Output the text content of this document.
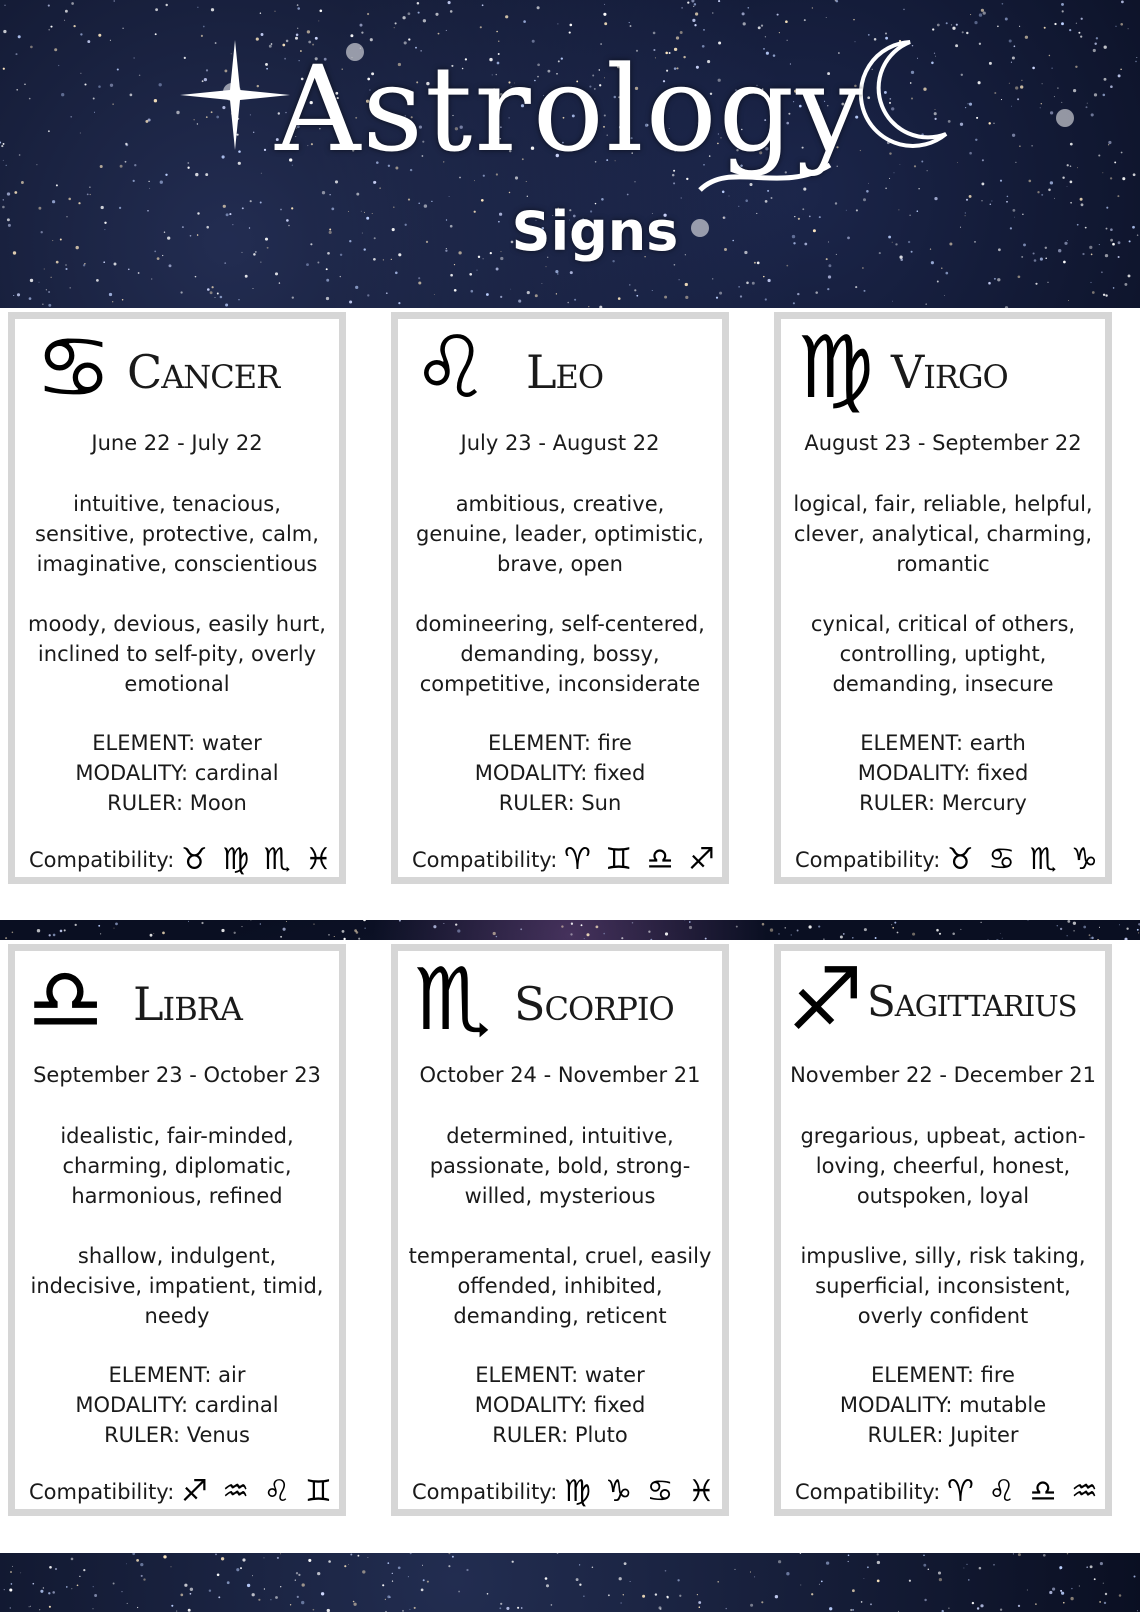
Astrology
Signs
♋ Cancer
June 22 - July 22
intuitive, tenacious, sensitive, protective, calm, imaginative, conscientious
moody, devious, easily hurt, inclined to self-pity, overly emotional
ELEMENT: water
MODALITY: cardinal
RULER: Moon
Compatibility: ♉ ♍ ♏ ♓
♌ Leo
July 23 - August 22
ambitious, creative, genuine, leader, optimistic, brave, open
domineering, self-centered, demanding, bossy, competitive, inconsiderate
ELEMENT: fire
MODALITY: fixed
RULER: Sun
Compatibility: ♈ ♊ ♎ ♐
♍ Virgo
August 23 - September 22
logical, fair, reliable, helpful, clever, analytical, charming, romantic
cynical, critical of others, controlling, uptight, demanding, insecure
ELEMENT: earth
MODALITY: fixed
RULER: Mercury
Compatibility: ♉ ♋ ♏ ♑
♎ Libra
September 23 - October 23
idealistic, fair-minded, charming, diplomatic, harmonious, refined
shallow, indulgent, indecisive, impatient, timid, needy
ELEMENT: air
MODALITY: cardinal
RULER: Venus
Compatibility: ♐ ♒ ♌ ♊
♏ Scorpio
October 24 - November 21
determined, intuitive, passionate, bold, strong-willed, mysterious
temperamental, cruel, easily offended, inhibited, demanding, reticent
ELEMENT: water
MODALITY: fixed
RULER: Pluto
Compatibility: ♍ ♑ ♋ ♓
♐ Sagittarius
November 22 - December 21
gregarious, upbeat, action-loving, cheerful, honest, outspoken, loyal
impuslive, silly, risk taking, superficial, inconsistent, overly confident
ELEMENT: fire
MODALITY: mutable
RULER: Jupiter
Compatibility: ♈ ♌ ♎ ♒
